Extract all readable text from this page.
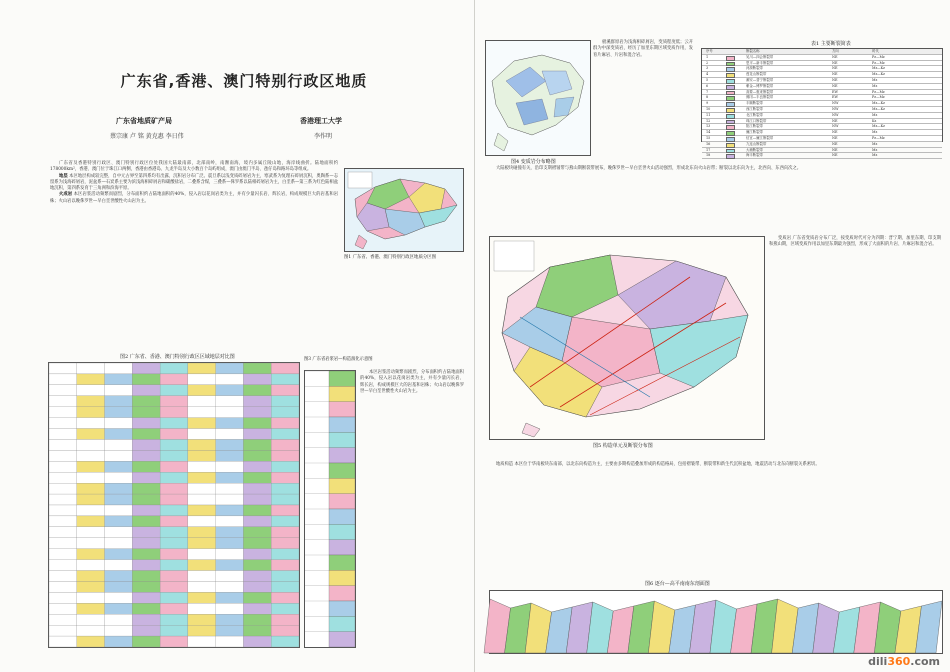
广东省,香港、澳门特别行政区地质
广东省地质矿产局	香港理工大学
蔡宗康 卢 铭 黄克惠 李日伟	李作明
图1 广东省、香港、澳门特别行政区地质分区图

广东省及香港特别行政区、澳门特别行政区位处我国大陆最南部，北部南岭，南濒南海，境内多属丘陵山地，海岸线曲折。陆地面积约178000km²，香港、澳门位于珠江口两侧，香港由香港岛、九龙半岛及大小数百个岛屿组成，澳门由澳门半岛、氹仔岛和路环岛等组成。

地层 本区地层构成较完整，自中元古界至第四系均有出露，沉积岩分布广泛。震旦系以浅变质碎屑岩为主，寒武系为复理石碎屑沉积，奥陶系—志留系为浅海碎屑岩，泥盆系—石炭系主要为滨浅海相碎屑岩和碳酸盐岩，二叠系含煤，三叠系—侏罗系以陆相碎屑岩为主，白垩系—第三系为红色陆相盆地沉积，第四系发育于三角洲和滨海平原。

火成岩 本区岩浆活动频繁而剧烈，分布面积约占陆地面积的40%，侵入岩以花岗岩类为主，并有少量闪长岩、辉长岩，构成规模巨大的岩基和岩株；火山岩以晚侏罗世—早白垩世酸性火山岩为主。

图2 广东省、香港、澳门特别行政区区域地层对比图	图3 广东省岩浆岩—构造演化示意图

本区岩浆活动频繁而剧烈，分布面积约占陆地面积的40%，侵入岩以花岗岩类为主，并有少量闪长岩、辉长岩，构成规模巨大的岩基和岩株；火山岩以晚侏罗世—早白垩世酸性火山岩为主。

图4 变质岩分布略图

板溪群原岩为浅海相碎屑岩，变质程度低；云开群为中深变质岩，经历了加里东期区域变质作用，发育片麻岩、片岩和混合岩。

表1 主要断裂简表
序号	断裂名称	方向	时代
1	吴川—四会断裂带	NE	Pz—Mz
2	恩平—新丰断裂带	NE	Pz—Mz
3	河源断裂带	NE	Mz—Kz
4	莲花山断裂带	NE	Mz—Kz
5	潮安—普宁断裂带	NE	Mz
6	紫金—博罗断裂带	NE	Mz
7	高要—惠来断裂带	EW	Pz—Mz
8	佛冈—丰良断裂带	EW	Pz—Mz
9	丰顺断裂带	NW	Mz—Kz
10	西江断裂带	NW	Mz—Kz
11	北江断裂带	NW	Mz
12	珠江口断裂带	NE	Kz
13	阳江断裂带	NW	Mz—Kz
14	廉江断裂带	NE	Mz
15	信宜—廉江断裂带	NE	Pz—Mz
16	九连山断裂带	NE	Mz
17	大埔断裂带	NE	Mz
18	海丰断裂带	NE	Mz

大陆板块碰撞有关，沿印支期褶皱带与燕山期断裂带展布，晚侏罗世—早白垩世火山活动强烈，形成北东向火山岩带；断裂以北东向为主，北西向、东西向次之。

图5 构造单元及断裂分布图

变质岩 广东省变质岩分布广泛，按变质时代可分为四期：晋宁期、加里东期、印支期和燕山期，区域变质作用以加里东期最为强烈，形成了大面积的片岩、片麻岩和混合岩。

地质构造 本区位于华南板块东南部，以北东向构造为主，主要由多期构造叠加形成的构造格局，包括褶皱带、断裂带和新生代沉积盆地，地震活动与北东向断裂关系密切。

图6 逐台—高平南南东剖面图
dili360.com
